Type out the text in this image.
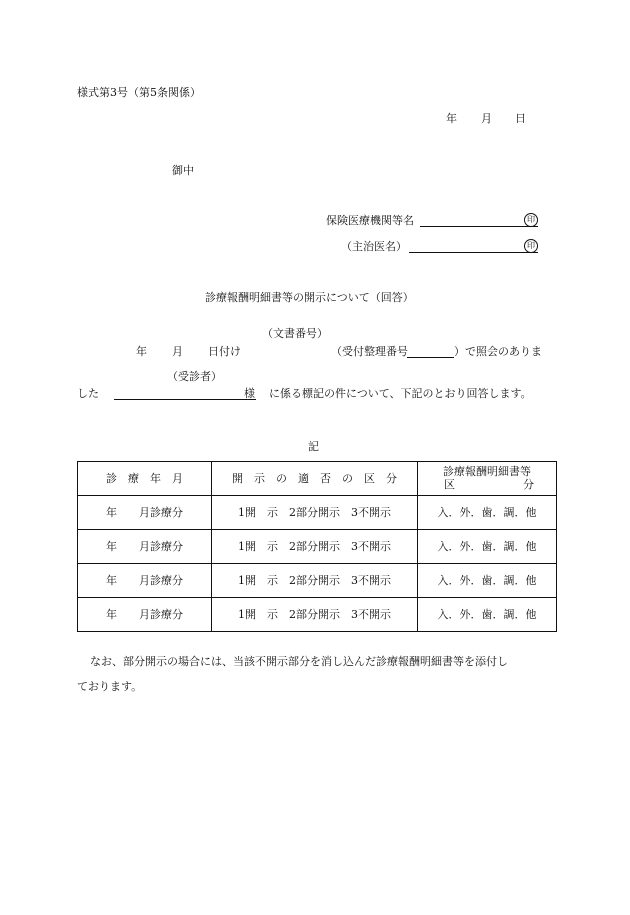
様式第3号（第5条関係）
年 月 日
御中
保険医療機関等名	印
（主治医名）	印
診療報酬明細書等の開示について（回答）
（文書番号）
年 月 日付け	（受付整理番号	）で照会のありま
（受診者）
した	様 に係る標記の件について、下記のとおり回答します。
記
診　療　年　月	開　示　の　適　否　の　区　分	診療報酬明細書等
区 分

年　　月診療分	1開　示　2部分開示　3不開示	入．外．歯．調．他
年　　月診療分	1開　示　2部分開示　3不開示	入．外．歯．調．他
年　　月診療分	1開　示　2部分開示　3不開示	入．外．歯．調．他
年　　月診療分	1開　示　2部分開示　3不開示	入．外．歯．調．他
なお、部分開示の場合には、当該不開示部分を消し込んだ診療報酬明細書等を添付し
ております。
